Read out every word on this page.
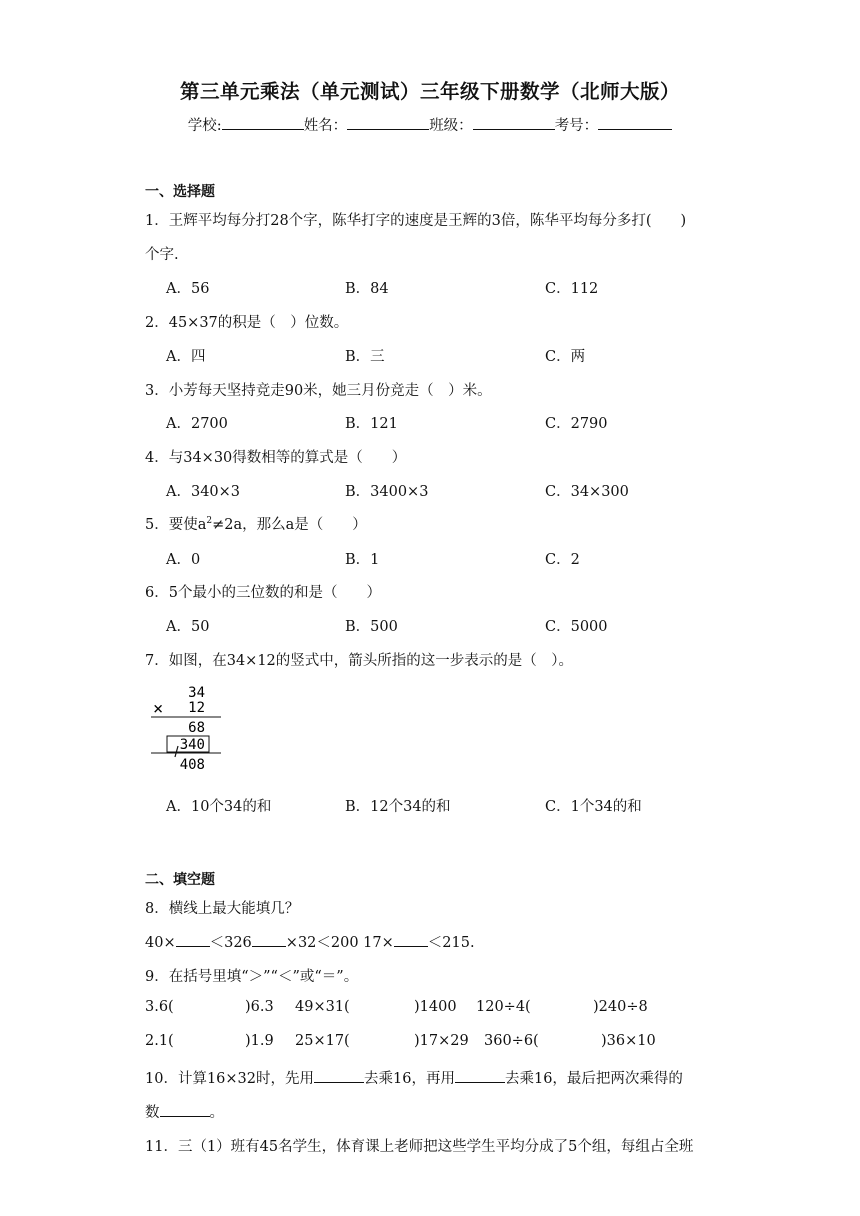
第三单元乘法（单元测试）三年级下册数学（北师大版）
学校:	姓名：	班级：	考号：
一、选择题
1．王辉平均每分打28个字，陈华打字的速度是王辉的3倍，陈华平均每分多打(　　)
个字.
A．56	B．84	C．112
2．45×37的积是（　）位数。
A．四	B．三	C．两
3．小芳每天坚持竞走90米，她三月份竞走（　）米。
A．2700	B．121	C．2790
4．与34×30得数相等的算式是（　　）
A．340×3	B．3400×3	C．34×300
5．要使$a^2\ne 2a$，那么a是（　　）
A．0	B．1	C．2
6．5个最小的三位数的和是（　　）
A．50	B．500	C．5000
7．如图，在34×12的竖式中，箭头所指的这一步表示的是（　）。
34
× 12
68
340
408
A．10个34的和	B．12个34的和	C．1个34的和
二、填空题
8．横线上最大能填几？
40× ＜326 ×32＜200 17× ＜215.
9．在括号里填“＞”“＜”或“＝”。
3.6(	)6.3 49×31(	)1400 120÷4(	)240÷8
2.1(	)1.9 25×17(	)17×29 360÷6(	)36×10
10．计算16×32时，先用	去乘16，再用	去乘16，最后把两次乘得的
数	。
11．三（1）班有45名学生，体育课上老师把这些学生平均分成了5个组，每组占全班
